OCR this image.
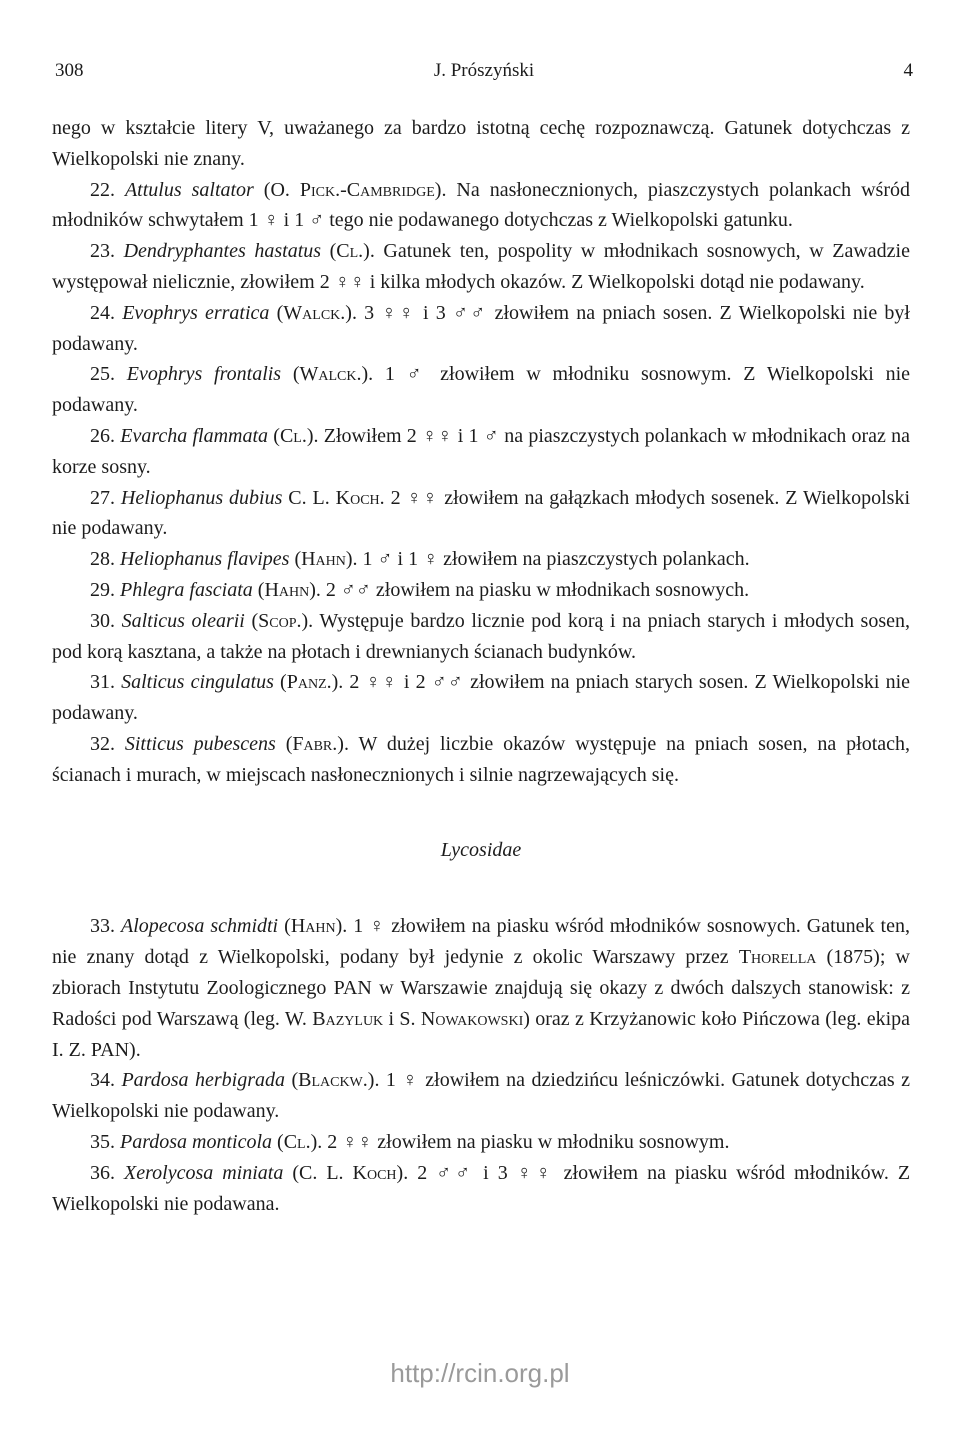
308	J. Prószyński	4

nego w kształcie litery V, uważanego za bardzo istotną cechę rozpoznawczą. Gatunek dotychczas z Wielkopolski nie znany.

22. Attulus saltator (O. Pick.-Cambridge). Na nasłonecznionych, piaszczystych polankach wśród młodników schwytałem 1 ♀ i 1 ♂ tego nie podawanego dotychczas z Wielkopolski gatunku.

23. Dendryphantes hastatus (Cl.). Gatunek ten, pospolity w młodnikach sosnowych, w Zawadzie występował nielicznie, złowiłem 2 ♀♀ i kilka młodych okazów. Z Wielkopolski dotąd nie podawany.

24. Evophrys erratica (Walck.). 3 ♀♀ i 3 ♂♂ złowiłem na pniach sosen. Z Wielkopolski nie był podawany.

25. Evophrys frontalis (Walck.). 1 ♂ złowiłem w młodniku sosnowym. Z Wielkopolski nie podawany.

26. Evarcha flammata (Cl.). Złowiłem 2 ♀♀ i 1 ♂ na piaszczystych polankach w młodnikach oraz na korze sosny.

27. Heliophanus dubius C. L. Koch. 2 ♀♀ złowiłem na gałązkach młodych sosenek. Z Wielkopolski nie podawany.

28. Heliophanus flavipes (Hahn). 1 ♂ i 1 ♀ złowiłem na piaszczystych polankach.

29. Phlegra fasciata (Hahn). 2 ♂♂ złowiłem na piasku w młodnikach sosnowych.

30. Salticus olearii (Scop.). Występuje bardzo licznie pod korą i na pniach starych i młodych sosen, pod korą kasztana, a także na płotach i drewnianych ścianach budynków.

31. Salticus cingulatus (Panz.). 2 ♀♀ i 2 ♂♂ złowiłem na pniach starych sosen. Z Wielkopolski nie podawany.

32. Sitticus pubescens (Fabr.). W dużej liczbie okazów występuje na pniach sosen, na płotach, ścianach i murach, w miejscach nasłonecznionych i silnie nagrzewających się.

Lycosidae

33. Alopecosa schmidti (Hahn). 1 ♀ złowiłem na piasku wśród młodników sosnowych. Gatunek ten, nie znany dotąd z Wielkopolski, podany był jedynie z okolic Warszawy przez Thorella (1875); w zbiorach Instytutu Zoologicznego PAN w Warszawie znajdują się okazy z dwóch dalszych stanowisk: z Radości pod Warszawą (leg. W. Bazyluk i S. Nowakowski) oraz z Krzyżanowic koło Pińczowa (leg. ekipa I. Z. PAN).

34. Pardosa herbigrada (Blackw.). 1 ♀ złowiłem na dziedzińcu leśniczówki. Gatunek dotychczas z Wielkopolski nie podawany.

35. Pardosa monticola (Cl.). 2 ♀♀ złowiłem na piasku w młodniku sosnowym.

36. Xerolycosa miniata (C. L. Koch). 2 ♂♂ i 3 ♀♀ złowiłem na piasku wśród młodników. Z Wielkopolski nie podawana.

http://rcin.org.pl
